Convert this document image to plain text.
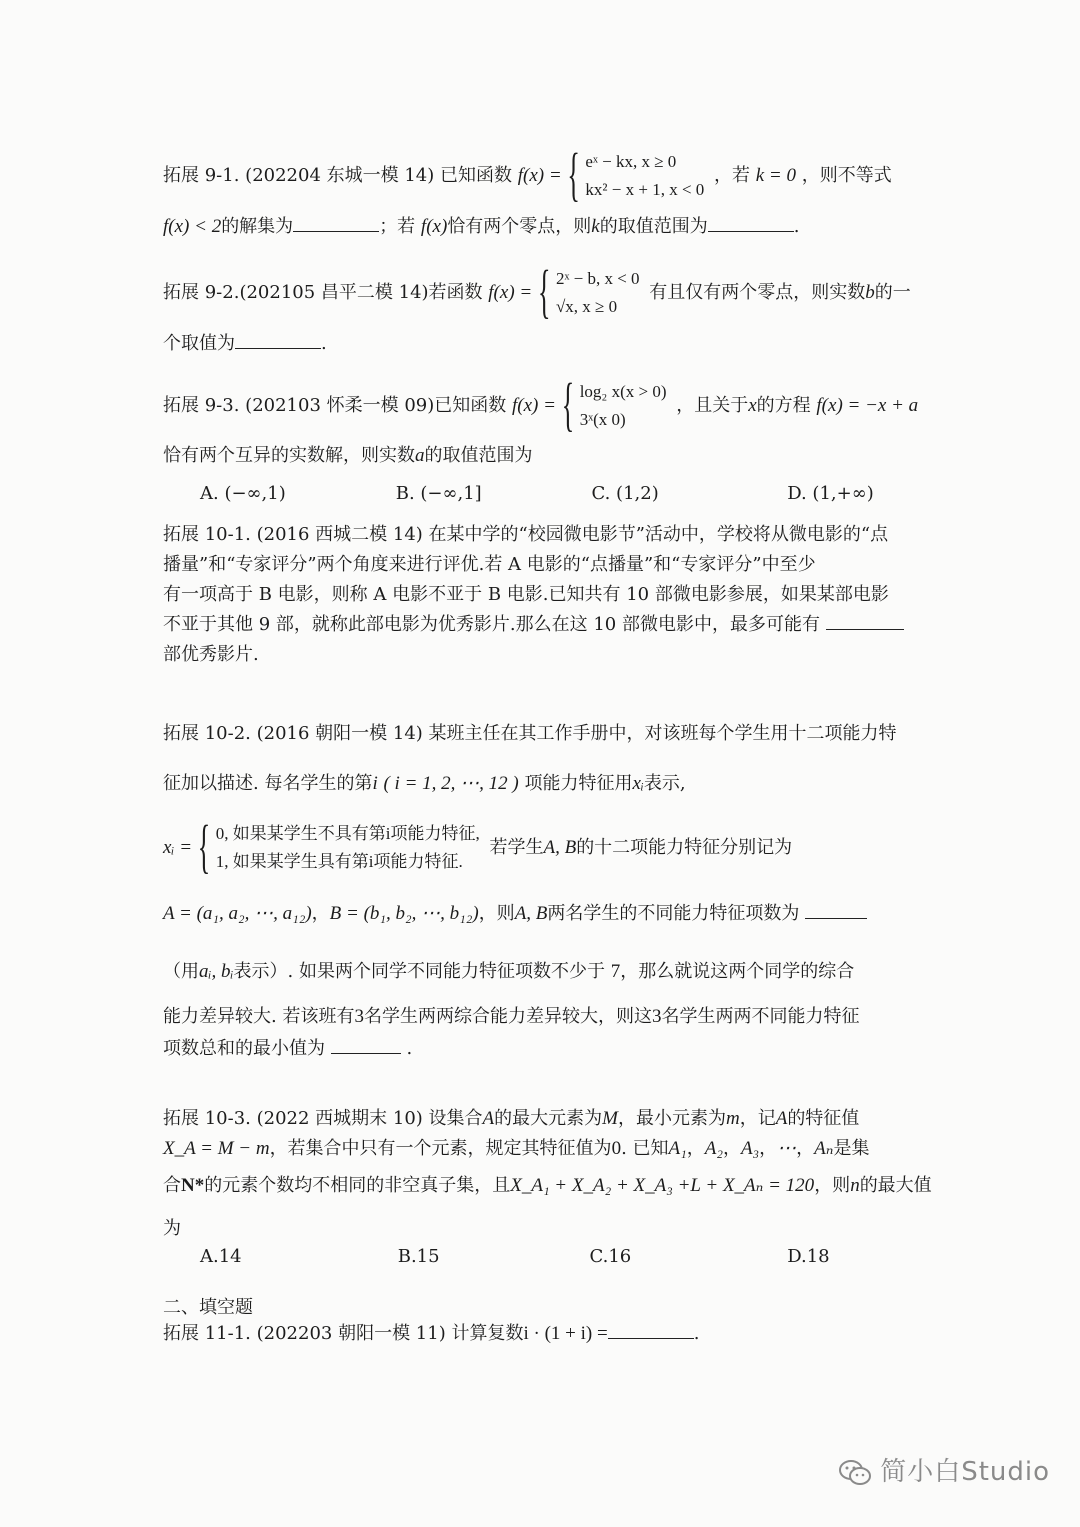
拓展 9-1. (202204 东城一模 14) 已知函数 f(x) =
{ eˣ − kx, x ≥ 0
kx² − x + 1, x < 0
，若 k = 0 ，则不等式
f(x) < 2的解集为	；若 f(x)恰有两个零点，则k的取值范围为	.
拓展 9-2.(202105 昌平二模 14)若函数 f(x) =
{ 2ˣ − b, x < 0
√x, x ≥ 0
有且仅有两个零点，则实数b的一
个取值为	.
拓展 9-3. (202103 怀柔一模 09)已知函数 f(x) =
{ log₂ x(x > 0)
3ˣ(x 0)
，且关于x的方程 f(x) = −x + a
恰有两个互异的实数解，则实数a的取值范围为
A. (−∞,1)	B. (−∞,1]	C. (1,2)	D. (1,+∞)
拓展 10-1. (2016 西城二模 14) 在某中学的“校园微电影节”活动中，学校将从微电影的“点
播量”和“专家评分”两个角度来进行评优.若 A 电影的“点播量”和“专家评分”中至少
有一项高于 B 电影，则称 A 电影不亚于 B 电影.已知共有 10 部微电影参展，如果某部电影
不亚于其他 9 部，就称此部电影为优秀影片.那么在这 10 部微电影中，最多可能有
部优秀影片.
拓展 10-2. (2016 朝阳一模 14) 某班主任在其工作手册中，对该班每个学生用十二项能力特
征加以描述. 每名学生的第i ( i = 1, 2, ⋯, 12 ) 项能力特征用xᵢ表示,
xᵢ =
{ 0, 如果某学生不具有第i项能力特征,
1, 如果某学生具有第i项能力特征.
若学生A, B的十二项能力特征分别记为
A = (a₁, a₂, ⋯, a₁₂)，B = (b₁, b₂, ⋯, b₁₂)，则A, B两名学生的不同能力特征项数为
（用aᵢ, bᵢ表示）. 如果两个同学不同能力特征项数不少于 7，那么就说这两个同学的综合
能力差异较大. 若该班有3名学生两两综合能力差异较大，则这3名学生两两不同能力特征
项数总和的最小值为	.
拓展 10-3. (2022 西城期末 10) 设集合A的最大元素为M，最小元素为m，记A的特征值
X_A = M − m，若集合中只有一个元素，规定其特征值为0. 已知A₁，A₂，A₃，⋯，Aₙ是集
合N*的元素个数均不相同的非空真子集，且X_A₁ + X_A₂ + X_A₃ +L + X_Aₙ = 120，则n的最大值
为
A.14	B.15	C.16	D.18
二、填空题
拓展 11-1. (202203 朝阳一模 11) 计算复数i · (1 + i) =	.
简小白Studio
